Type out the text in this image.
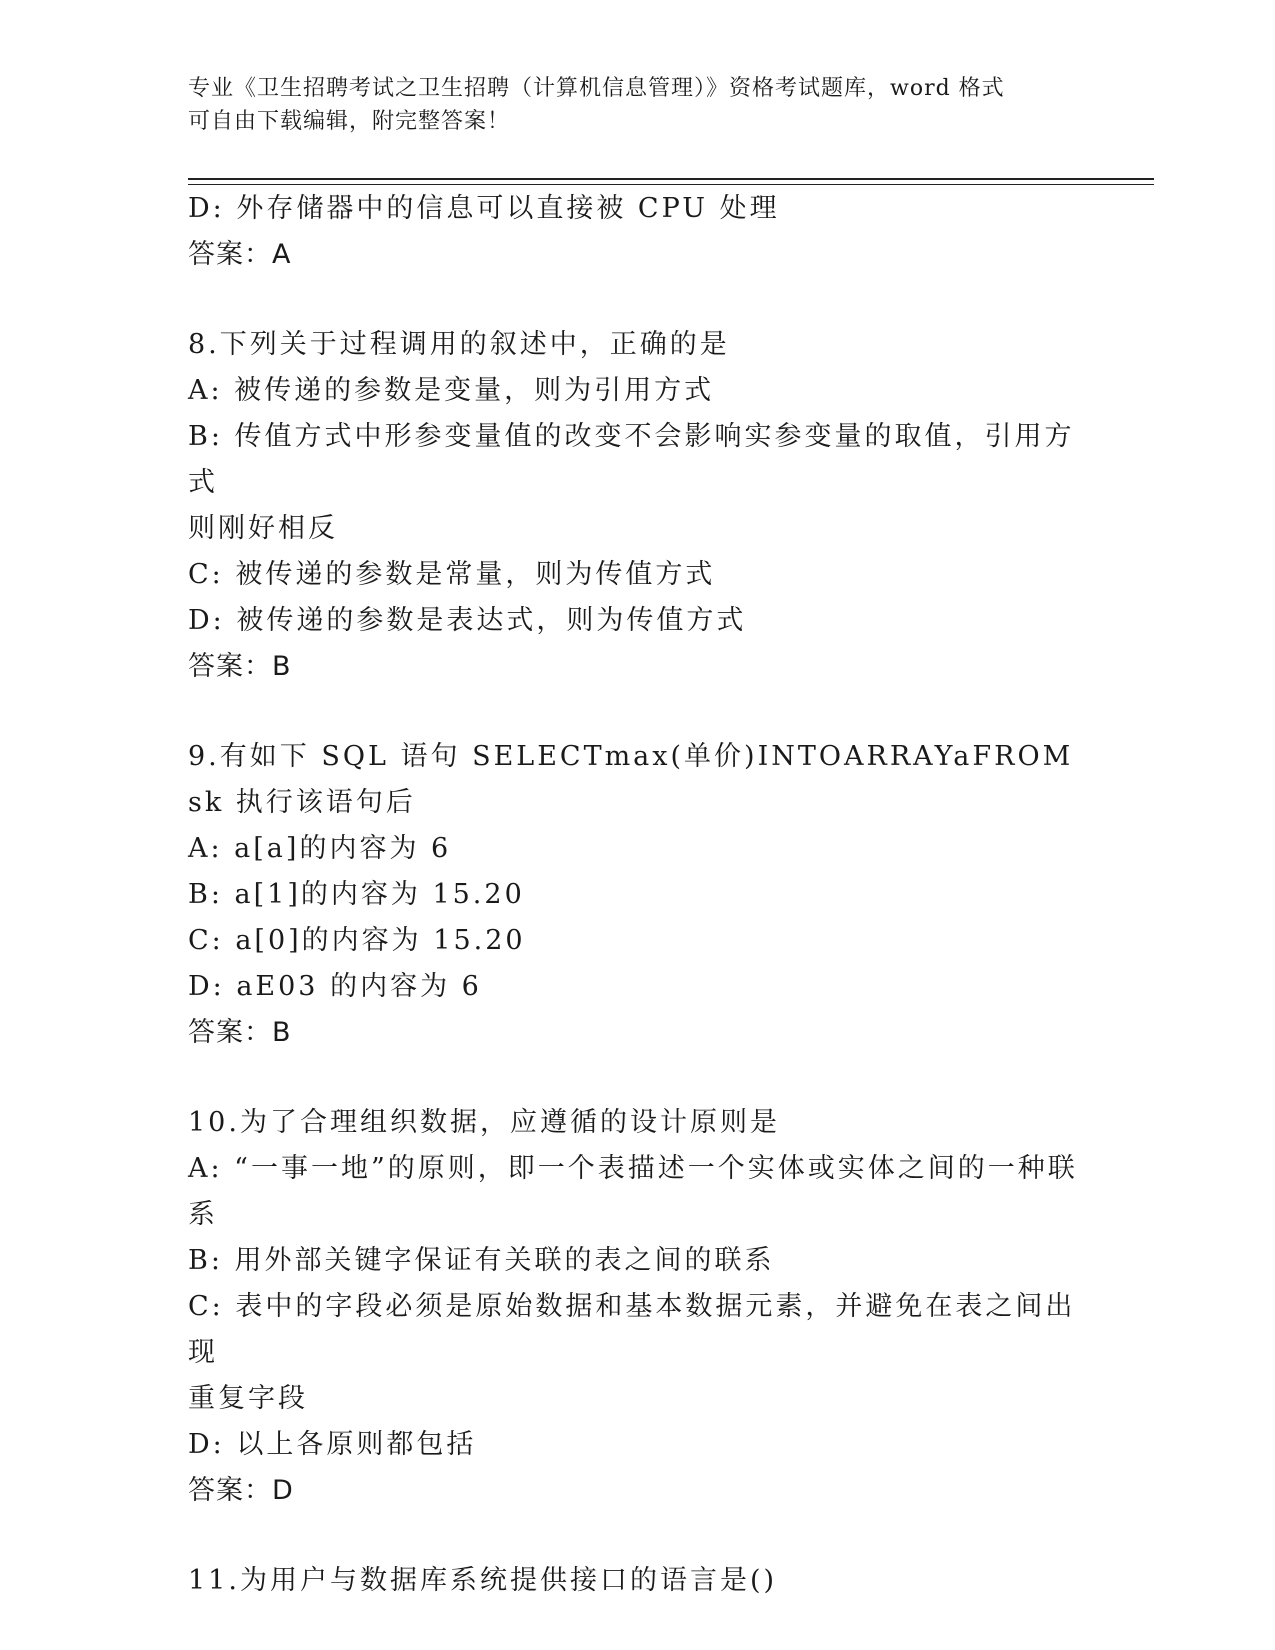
专业《卫生招聘考试之卫生招聘（计算机信息管理）》资格考试题库，word 格式
可自由下载编辑，附完整答案！
D: 外存储器中的信息可以直接被 CPU 处理
答案：A
8.下列关于过程调用的叙述中，正确的是
A: 被传递的参数是变量，则为引用方式
B: 传值方式中形参变量值的改变不会影响实参变量的取值，引用方式
则刚好相反
C: 被传递的参数是常量，则为传值方式
D: 被传递的参数是表达式，则为传值方式
答案：B
9.有如下 SQL 语句 SELECTmax(单价)INTOARRAYaFROMsk 执行该语句后
A: a[a]的内容为 6
B: a[1]的内容为 15.20
C: a[0]的内容为 15.20
D: aE03 的内容为 6
答案：B
10.为了合理组织数据，应遵循的设计原则是
A: “一事一地”的原则，即一个表描述一个实体或实体之间的一种联
系
B: 用外部关键字保证有关联的表之间的联系
C: 表中的字段必须是原始数据和基本数据元素，并避免在表之间出现
重复字段
D: 以上各原则都包括
答案：D
11.为用户与数据库系统提供接口的语言是()
